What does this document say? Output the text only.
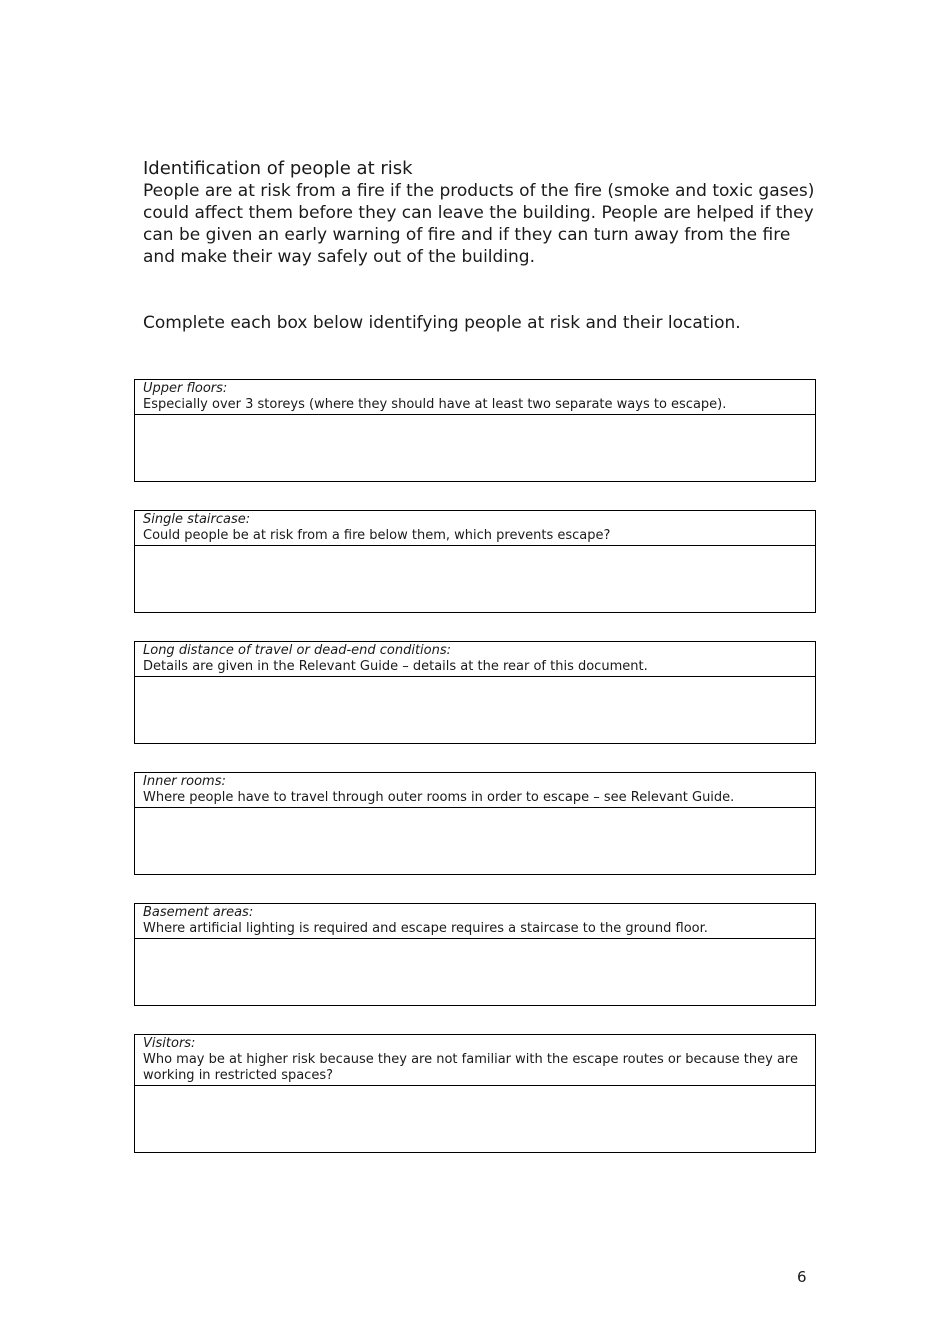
Identification of people at risk
People are at risk from a fire if the products of the fire (smoke and toxic gases) could affect them before they can leave the building. People are helped if they can be given an early warning of fire and if they can turn away from the fire and make their way safely out of the building.
Complete each box below identifying people at risk and their location.
Upper floors:
Especially over 3 storeys (where they should have at least two separate ways to escape).
Single staircase:
Could people be at risk from a fire below them, which prevents escape?
Long distance of travel or dead-end conditions:
Details are given in the Relevant Guide – details at the rear of this document.
Inner rooms:
Where people have to travel through outer rooms in order to escape – see Relevant Guide.
Basement areas:
Where artificial lighting is required and escape requires a staircase to the ground floor.
Visitors:
Who may be at higher risk because they are not familiar with the escape routes or because they are working in restricted spaces?
6
